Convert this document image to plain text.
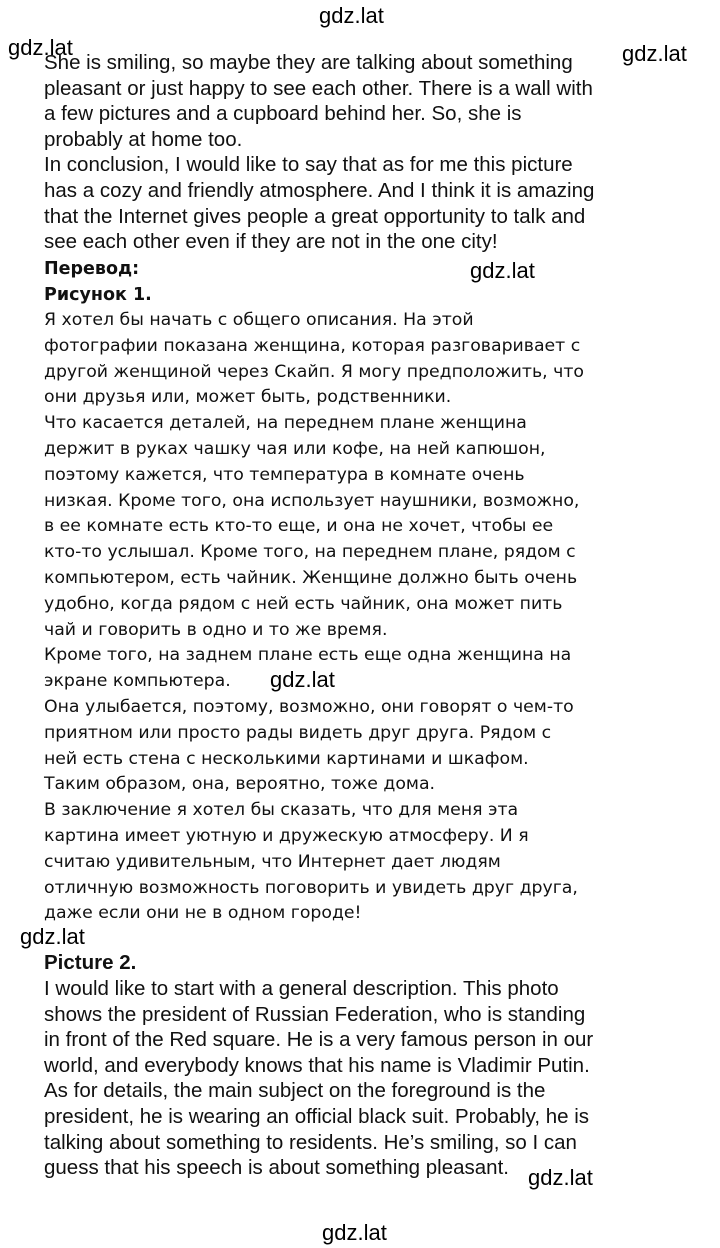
gdz.lat
gdz.lat	gdz.lat
gdz.lat
gdz.lat
gdz.lat
gdz.lat
gdz.lat
She is smiling, so maybe they are talking about something
pleasant or just happy to see each other. There is a wall with
a few pictures and a cupboard behind her. So, she is
probably at home too.
In conclusion, I would like to say that as for me this picture
has a cozy and friendly atmosphere. And I think it is amazing
that the Internet gives people a great opportunity to talk and
see each other even if they are not in the one city!
Перевод:
Рисунок 1.
Я хотел бы начать с общего описания. На этой
фотографии показана женщина, которая разговаривает с
другой женщиной через Скайп. Я могу предположить, что
они друзья или, может быть, родственники.
Что касается деталей, на переднем плане женщина
держит в руках чашку чая или кофе, на ней капюшон,
поэтому кажется, что температура в комнате очень
низкая. Кроме того, она использует наушники, возможно,
в ее комнате есть кто-то еще, и она не хочет, чтобы ее
кто-то услышал. Кроме того, на переднем плане, рядом с
компьютером, есть чайник. Женщине должно быть очень
удобно, когда рядом с ней есть чайник, она может пить
чай и говорить в одно и то же время.
Кроме того, на заднем плане есть еще одна женщина на
экране компьютера.
Она улыбается, поэтому, возможно, они говорят о чем-то
приятном или просто рады видеть друг друга. Рядом с
ней есть стена с несколькими картинами и шкафом.
Таким образом, она, вероятно, тоже дома.
В заключение я хотел бы сказать, что для меня эта
картина имеет уютную и дружескую атмосферу. И я
считаю удивительным, что Интернет дает людям
отличную возможность поговорить и увидеть друг друга,
даже если они не в одном городе!
Picture 2.
I would like to start with a general description. This photo
shows the president of Russian Federation, who is standing
in front of the Red square. He is a very famous person in our
world, and everybody knows that his name is Vladimir Putin.
As for details, the main subject on the foreground is the
president, he is wearing an official black suit. Probably, he is
talking about something to residents. He’s smiling, so I can
guess that his speech is about something pleasant.
